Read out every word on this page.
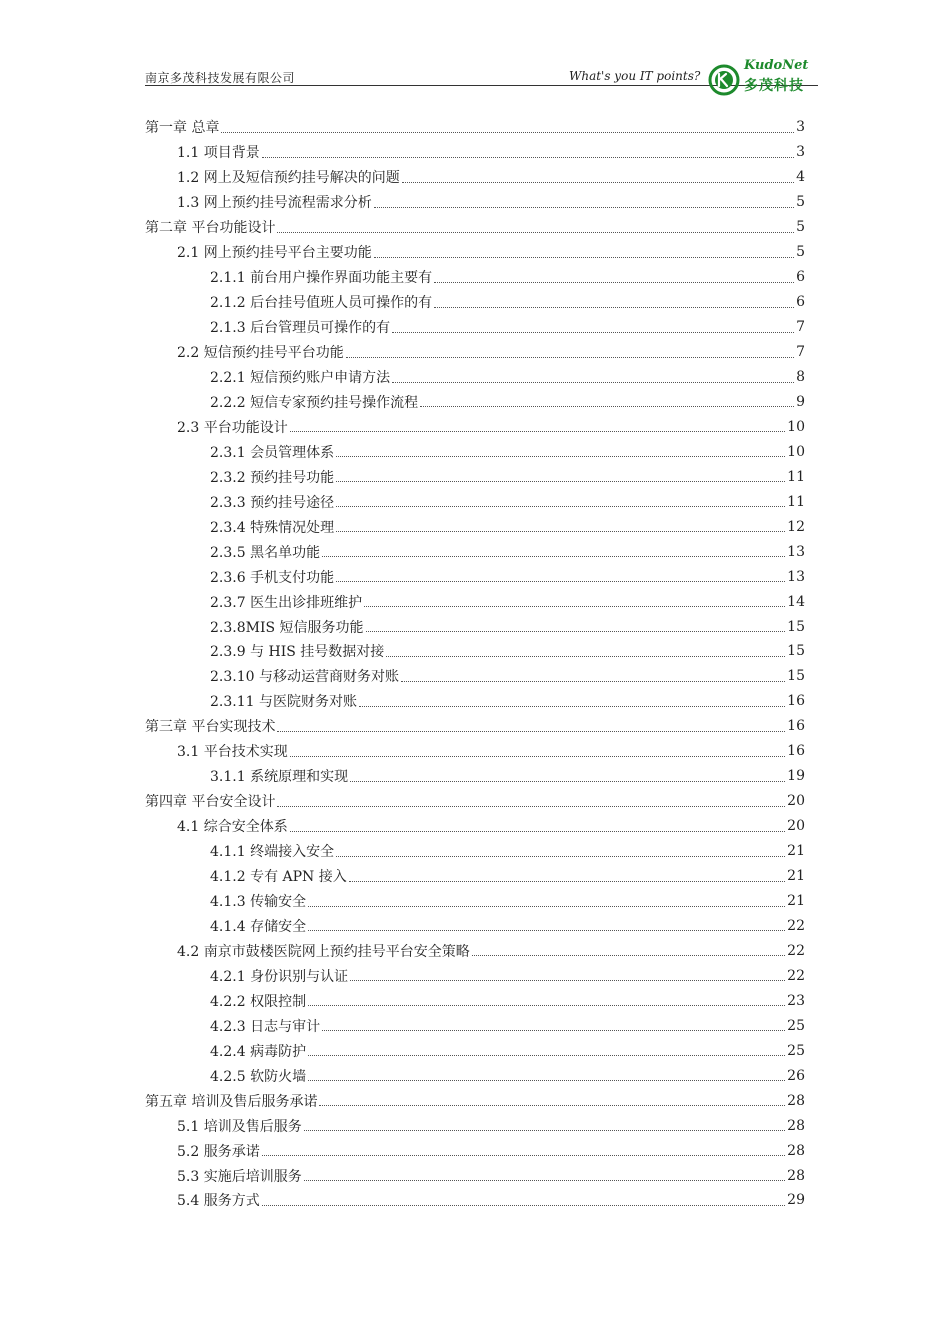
南京多茂科技发展有限公司	What's you IT points?
KudoNet
多茂科技
第一章 总章	3
1.1 项目背景	3
1.2 网上及短信预约挂号解决的问题	4
1.3 网上预约挂号流程需求分析	5
第二章 平台功能设计	5
2.1 网上预约挂号平台主要功能	5
2.1.1 前台用户操作界面功能主要有	6
2.1.2 后台挂号值班人员可操作的有	6
2.1.3 后台管理员可操作的有	7
2.2 短信预约挂号平台功能	7
2.2.1 短信预约账户申请方法	8
2.2.2 短信专家预约挂号操作流程	9
2.3 平台功能设计	10
2.3.1 会员管理体系	10
2.3.2 预约挂号功能	11
2.3.3 预约挂号途径	11
2.3.4 特殊情况处理	12
2.3.5 黑名单功能	13
2.3.6 手机支付功能	13
2.3.7 医生出诊排班维护	14
2.3.8MIS 短信服务功能	15
2.3.9 与 HIS 挂号数据对接	15
2.3.10 与移动运营商财务对账	15
2.3.11 与医院财务对账	16
第三章 平台实现技术	16
3.1 平台技术实现	16
3.1.1 系统原理和实现	19
第四章 平台安全设计	20
4.1 综合安全体系	20
4.1.1 终端接入安全	21
4.1.2 专有 APN 接入	21
4.1.3 传输安全	21
4.1.4 存储安全	22
4.2 南京市鼓楼医院网上预约挂号平台安全策略	22
4.2.1 身份识别与认证	22
4.2.2 权限控制	23
4.2.3 日志与审计	25
4.2.4 病毒防护	25
4.2.5 软防火墙	26
第五章 培训及售后服务承诺	28
5.1 培训及售后服务	28
5.2 服务承诺	28
5.3 实施后培训服务	28
5.4 服务方式	29
